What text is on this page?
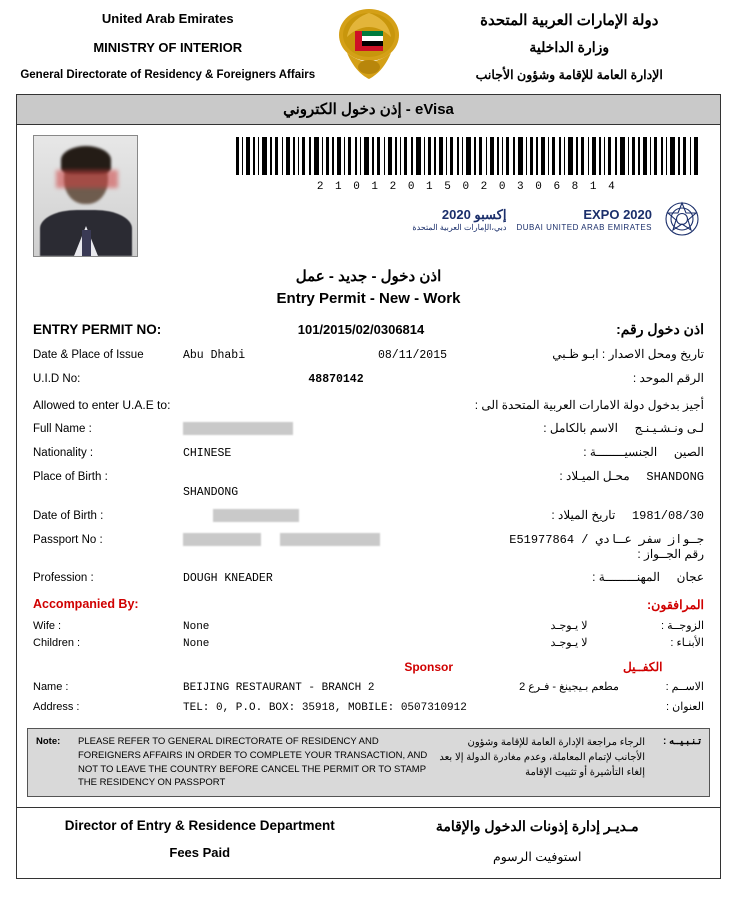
United Arab Emirates
MINISTRY OF INTERIOR
General Directorate of Residency & Foreigners Affairs
دولة الإمارات العربية المتحدة
وزارة الداخلية
الإدارة العامة للإقامة وشؤون الأجانب
إذن دخول الكتروني - eVisa
2 1 0 1 2 0 1 5 0 2 0 3 0 6 8 1 4
إكسبو 2020
دبي،الإمارات العربية المتحدة
EXPO 2020
DUBAI UNITED ARAB EMIRATES
اذن دخول - جديد - عمل
Entry Permit - New - Work
ENTRY PERMIT NO:	101/2015/02/0306814	اذن دخول رقم:
Date & Place of Issue	Abu Dhabi	08/11/2015	تاريخ ومحل الاصدار : ابـو ظـبي
U.I.D No:	48870142	الرقم الموحد :
Allowed to enter U.A.E to:	أجيز بدخول دولة الامارات العربية المتحدة الى :
Full Name :	لـى ونـشـيـنـج     الاسم بالكامل :
Nationality :	CHINESE	الصين     الجنسيــــــــة :
Place of Birth :	SHANDONG     محـل الميـلاد :
SHANDONG
Date of Birth :	1981/08/30     تاريخ الميلاد :
Passport No :
	جـواز سفر عـادي / E51977864    رقم الجــواز :
Profession :	DOUGH KNEADER	عجان     المهنـــــــــة :
Accompanied By:	المرافقون:
Wife :	None	لا يـوجـد	الزوجــة :
Children :	None	لا يـوجـد	الأبنـاء :
Sponsor	الكفــيل
Name :	BEIJING RESTAURANT - BRANCH 2	مطعم بـيجينغ - فـرع 2	الاســم :
Address :	TEL: 0, P.O. BOX: 35918, MOBILE: 0507310912	العنوان :
Note:	PLEASE REFER TO GENERAL DIRECTORATE OF RESIDENCY AND FOREIGNERS AFFAIRS IN ORDER TO COMPLETE YOUR TRANSACTION, AND NOT TO LEAVE THE COUNTRY BEFORE CANCEL THE PERMIT OR TO STAMP THE RESIDENCY ON PASSPORT
الرجاء مراجعة الإدارة العامة للإقامة وشؤون الأجانب لإتمام المعاملة، وعدم مغادرة الدولة إلا بعد إلغاء التأشيرة أو تثبيت الإقامة
تـنـبـيــه :
Director of Entry & Residence Department
Fees Paid
مـديـر إدارة إذونات الدخول والإقامة
استوفيت الرسوم
